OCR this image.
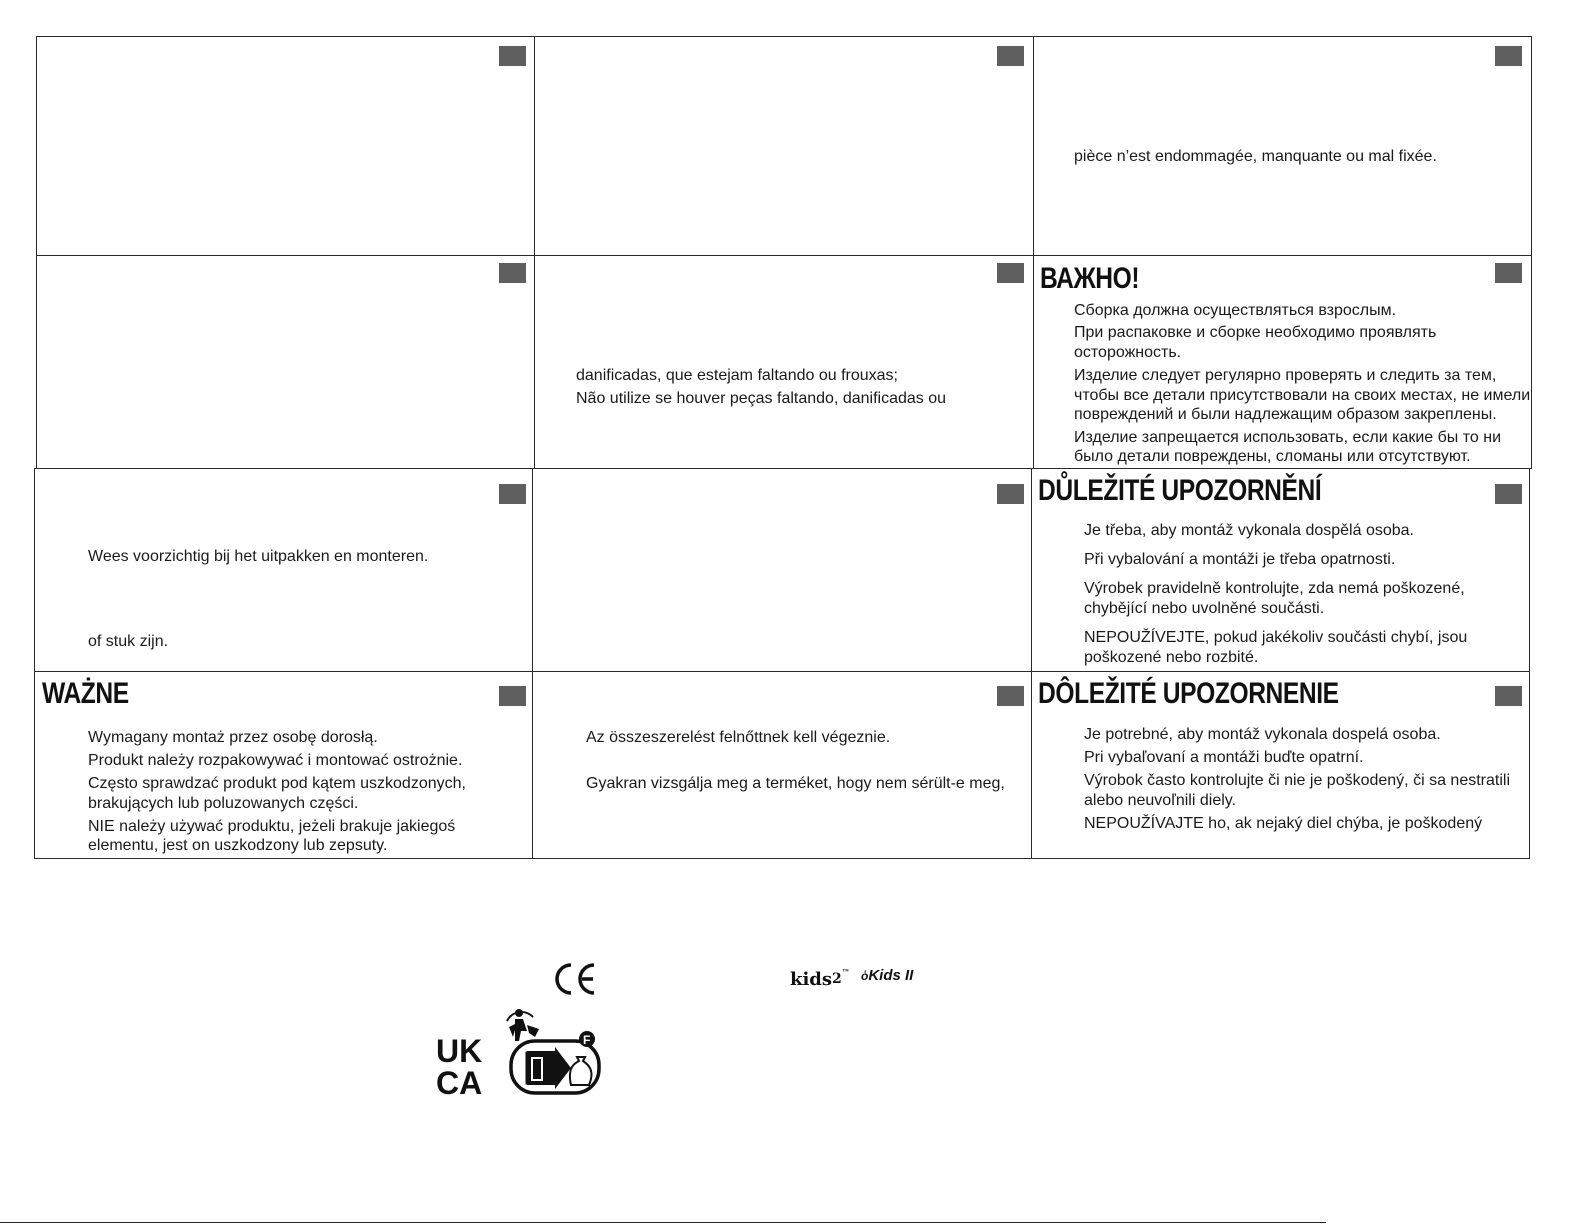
pièce n’est endommagée, manquante ou mal fixée.
danificadas, que estejam faltando ou frouxas;
Não utilize se houver peças faltando, danificadas ou
ВАЖНО!
Сборка должна осуществляться взрослым.
При распаковке и сборке необходимо проявлять
осторожность.
Изделие следует регулярно проверять и следить за тем,
чтобы все детали присутствовали на своих местах, не имели
повреждений и были надлежащим образом закреплены.
Изделие запрещается использовать, если какие бы то ни
было детали повреждены, сломаны или отсутствуют.
Wees voorzichtig bij het uitpakken en monteren.
of stuk zijn.
DŮLEŽITÉ UPOZORNĚNÍ
Je třeba, aby montáž vykonala dospělá osoba.
Při vybalování a montáži je třeba opatrnosti.
Výrobek pravidelně kontrolujte, zda nemá poškozené,
chybějící nebo uvolněné součásti.
NEPOUŽÍVEJTE, pokud jakékoliv součásti chybí, jsou
poškozené nebo rozbité.
WAŻNE
Wymagany montaż przez osobę dorosłą.
Produkt należy rozpakowywać i montować ostrożnie.
Często sprawdzać produkt pod kątem uszkodzonych,
brakujących lub poluzowanych części.
NIE należy używać produktu, jeżeli brakuje jakiegoś
elementu, jest on uszkodzony lub zepsuty.
Az összeszerelést felnőttnek kell végeznie.
Gyakran vizsgálja meg a terméket, hogy nem sérült-e meg,
DÔLEŽITÉ UPOZORNENIE
Je potrebné, aby montáž vykonala dospelá osoba.
Pri vybaľovaní a montáži buďte opatrní.
Výrobok často kontrolujte či nie je poškodený, či sa nestratili
alebo neuvoľnili diely.
NEPOUŽÍVAJTE ho, ak nejaký diel chýba, je poškodený
CE
UK
CA
F
kids2™ ὁKids II
